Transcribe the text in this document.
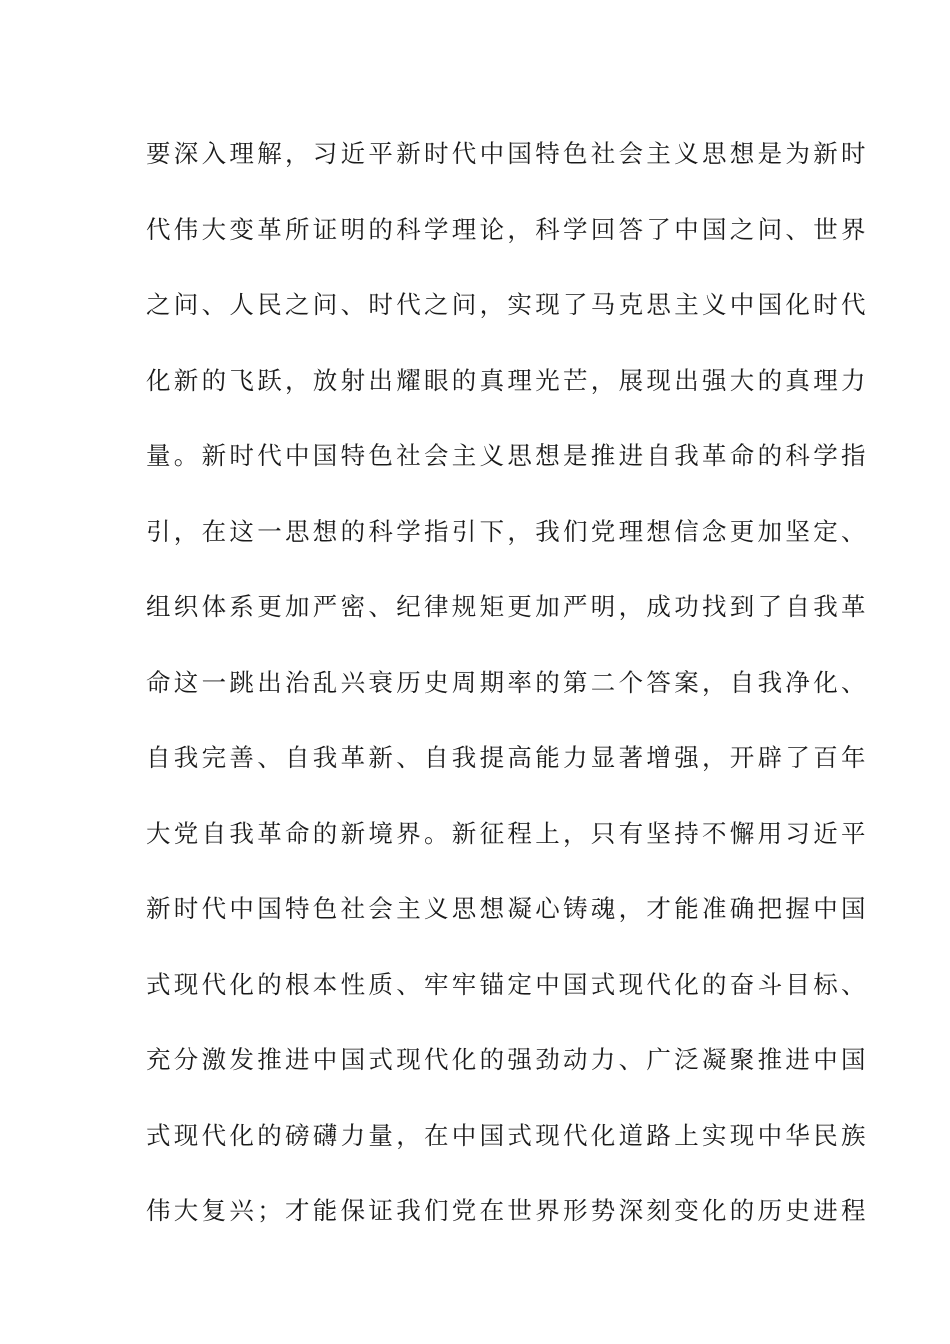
要深入理解，习近平新时代中国特色社会主义思想是为新时
代伟大变革所证明的科学理论，科学回答了中国之问、世界
之问、人民之问、时代之问，实现了马克思主义中国化时代
化新的飞跃，放射出耀眼的真理光芒，展现出强大的真理力
量。新时代中国特色社会主义思想是推进自我革命的科学指
引，在这一思想的科学指引下，我们党理想信念更加坚定、
组织体系更加严密、纪律规矩更加严明，成功找到了自我革
命这一跳出治乱兴衰历史周期率的第二个答案，自我净化、
自我完善、自我革新、自我提高能力显著增强，开辟了百年
大党自我革命的新境界。新征程上，只有坚持不懈用习近平
新时代中国特色社会主义思想凝心铸魂，才能准确把握中国
式现代化的根本性质、牢牢锚定中国式现代化的奋斗目标、
充分激发推进中国式现代化的强劲动力、广泛凝聚推进中国
式现代化的磅礴力量，在中国式现代化道路上实现中华民族
伟大复兴；才能保证我们党在世界形势深刻变化的历史进程
